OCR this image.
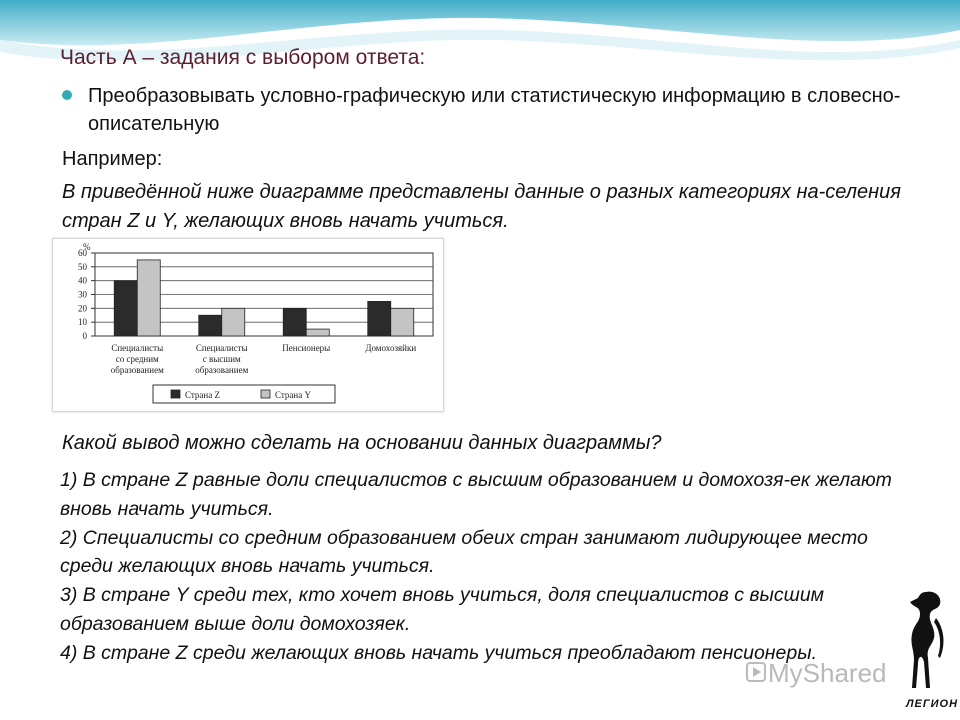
Часть А – задания с выбором ответа:
Преобразовывать условно-графическую или статистическую информацию в словесно-описательную
Например:
В приведённой ниже диаграмме представлены данные о разных категориях на-селения стран Z и Y, желающих вновь начать учиться.
0
10
20
30
40
50
60
%
Специалисты
со средним
образованием
Специалисты
с высшим
образованием
Пенсионеры	Домохозяйки
Страна Z	Страна Y
Какой вывод можно сделать на основании данных диаграммы?
1) В стране Z равные доли специалистов с высшим образованием и домохозя-ек желают вновь начать учиться.
2) Специалисты со средним образованием обеих стран занимают лидирующее место среди желающих вновь начать учиться.
3) В стране Y среди тех, кто хочет вновь учиться, доля специалистов с высшим образованием выше доли домохозяек.
4) В стране Z среди желающих вновь начать учиться преобладают пенсионеры.
MyShared
ЛЕГИОН
